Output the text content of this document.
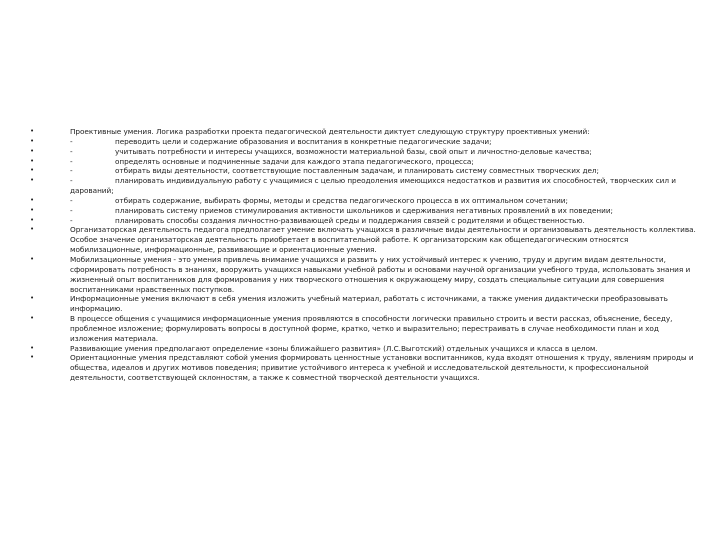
•	Проективные умения. Логика разработки проекта педагогической деятельности диктует следующую структуру проективных умений:
•	-	переводить цели и содержание образования и воспитания в конкретные педагогические задачи;
•	-	учитывать потребности и интересы учащихся, возможности материальной базы, свой опыт и личностно-деловые качества;
•	-	определять основные и подчиненные задачи для каждого этапа педагогического, процесса;
•	-	отбирать виды деятельности, соответствующие поставленным задачам, и планировать систему совместных творческих дел;
•	-	планировать индивидуальную работу с учащимися с целью преодоления имеющихся недостатков и развития их способностей, творческих сил и дарований;
•	-	отбирать содержание, выбирать формы, методы и средства педагогического процесса в их оптимальном сочетании;
•	-	планировать систему приемов стимулирования активности школьников и сдерживания негативных проявлений в их поведении;
•	-	планировать способы создания личностно-развивающей среды и поддержания связей с родителями и общественностью.
•	Организаторская деятельность педагога предполагает умение включать учащихся в различные виды деятельности и организовывать деятельность коллектива. Особое значение организаторская деятельность приобретает в воспитательной работе. К организаторским как общепедагогическим относятся мобилизационные, информационные, развивающие и ориентационные умения.
•	Мобилизационные умения - это умения привлечь внимание учащихся и развить у них устойчивый интерес к учению, труду и другим видам деятельности, сформировать потребность в знаниях, вооружить учащихся навыками учебной работы и основами научной организации учебного труда, использовать знания и жизненный опыт воспитанников для формирования у них творческого отношения к окружающему миру, создать специальные ситуации для совершения воспитанниками нравственных поступков.
•	Информационные умения включают в себя умения изложить учебный материал, работать с источниками, а также умения дидактически преобразовывать информацию.
•	В процессе общения с учащимися информационные умения проявляются в способности логически правильно строить и вести рассказ, объяснение, беседу, проблемное изложение; формулировать вопросы в доступной форме, кратко, четко и выразительно; перестраивать в случае необходимости план и ход изложения материала.
•	Развивающие умения предполагают определение «зоны ближайшего развития» (Л.С.Выготский) отдельных учащихся и класса в целом.
•	Ориентационные умения представляют собой умения формировать ценностные установки воспитанников, куда входят отношения к труду, явлениям природы и общества, идеалов и других мотивов поведения; привитие устойчивого интереса к учебной и исследовательской деятельности, к профессиональной деятельности, соответствующей склонностям, а также к совместной творческой деятельности учащихся.
